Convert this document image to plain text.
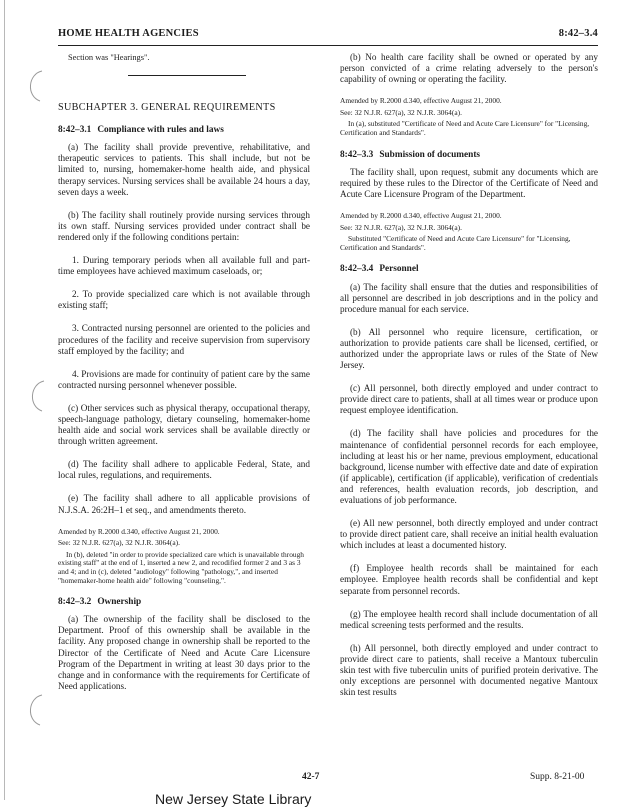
HOME HEALTH AGENCIES	8:42–3.4

Section was "Hearings".

SUBCHAPTER 3. GENERAL REQUIREMENTS
8:42–3.1 Compliance with rules and laws

(a) The facility shall provide preventive, rehabilitative, and therapeutic services to patients. This shall include, but not be limited to, nursing, homemaker-home health aide, and physical therapy services. Nursing services shall be available 24 hours a day, seven days a week.

(b) The facility shall routinely provide nursing services through its own staff. Nursing services provided under contract shall be rendered only if the following conditions pertain:

1. During temporary periods when all available full and part-time employees have achieved maximum caseloads, or;

2. To provide specialized care which is not available through existing staff;

3. Contracted nursing personnel are oriented to the policies and procedures of the facility and receive supervision from supervisory staff employed by the facility; and

4. Provisions are made for continuity of patient care by the same contracted nursing personnel whenever possible.

(c) Other services such as physical therapy, occupational therapy, speech-language pathology, dietary counseling, homemaker-home health aide and social work services shall be available directly or through written agreement.

(d) The facility shall adhere to applicable Federal, State, and local rules, regulations, and requirements.

(e) The facility shall adhere to all applicable provisions of N.J.S.A. 26:2H–1 et seq., and amendments thereto.

Amended by R.2000 d.340, effective August 21, 2000.

See: 32 N.J.R. 627(a), 32 N.J.R. 3064(a).

In (b), deleted "in order to provide specialized care which is unavailable through existing staff" at the end of 1, inserted a new 2, and recodified former 2 and 3 as 3 and 4; and in (c), deleted "audiology" following "pathology,", and inserted "homemaker-home health aide" following "counseling,".

8:42–3.2 Ownership

(a) The ownership of the facility shall be disclosed to the Department. Proof of this ownership shall be available in the facility. Any proposed change in ownership shall be reported to the Director of the Certificate of Need and Acute Care Licensure Program of the Department in writing at least 30 days prior to the change and in conformance with the requirements for Certificate of Need applications.

(b) No health care facility shall be owned or operated by any person convicted of a crime relating adversely to the person's capability of owning or operating the facility.

Amended by R.2000 d.340, effective August 21, 2000.

See: 32 N.J.R. 627(a), 32 N.J.R. 3064(a).

In (a), substituted "Certificate of Need and Acute Care Licensure" for "Licensing, Certification and Standards".

8:42–3.3 Submission of documents

The facility shall, upon request, submit any documents which are required by these rules to the Director of the Certificate of Need and Acute Care Licensure Program of the Department.

Amended by R.2000 d.340, effective August 21, 2000.

See: 32 N.J.R. 627(a), 32 N.J.R. 3064(a).

Substituted "Certificate of Need and Acute Care Licensure" for "Licensing, Certification and Standards".

8:42–3.4 Personnel

(a) The facility shall ensure that the duties and responsibilities of all personnel are described in job descriptions and in the policy and procedure manual for each service.

(b) All personnel who require licensure, certification, or authorization to provide patients care shall be licensed, certified, or authorized under the appropriate laws or rules of the State of New Jersey.

(c) All personnel, both directly employed and under contract to provide direct care to patients, shall at all times wear or produce upon request employee identification.

(d) The facility shall have policies and procedures for the maintenance of confidential personnel records for each employee, including at least his or her name, previous employment, educational background, license number with effective date and date of expiration (if applicable), certification (if applicable), verification of credentials and references, health evaluation records, job description, and evaluations of job performance.

(e) All new personnel, both directly employed and under contract to provide direct patient care, shall receive an initial health evaluation which includes at least a documented history.

(f) Employee health records shall be maintained for each employee. Employee health records shall be confidential and kept separate from personnel records.

(g) The employee health record shall include documentation of all medical screening tests performed and the results.

(h) All personnel, both directly employed and under contract to provide direct care to patients, shall receive a Mantoux tuberculin skin test with five tuberculin units of purified protein derivative. The only exceptions are personnel with documented negative Mantoux skin test results

42-7	Supp. 8-21-00
New Jersey State Library
